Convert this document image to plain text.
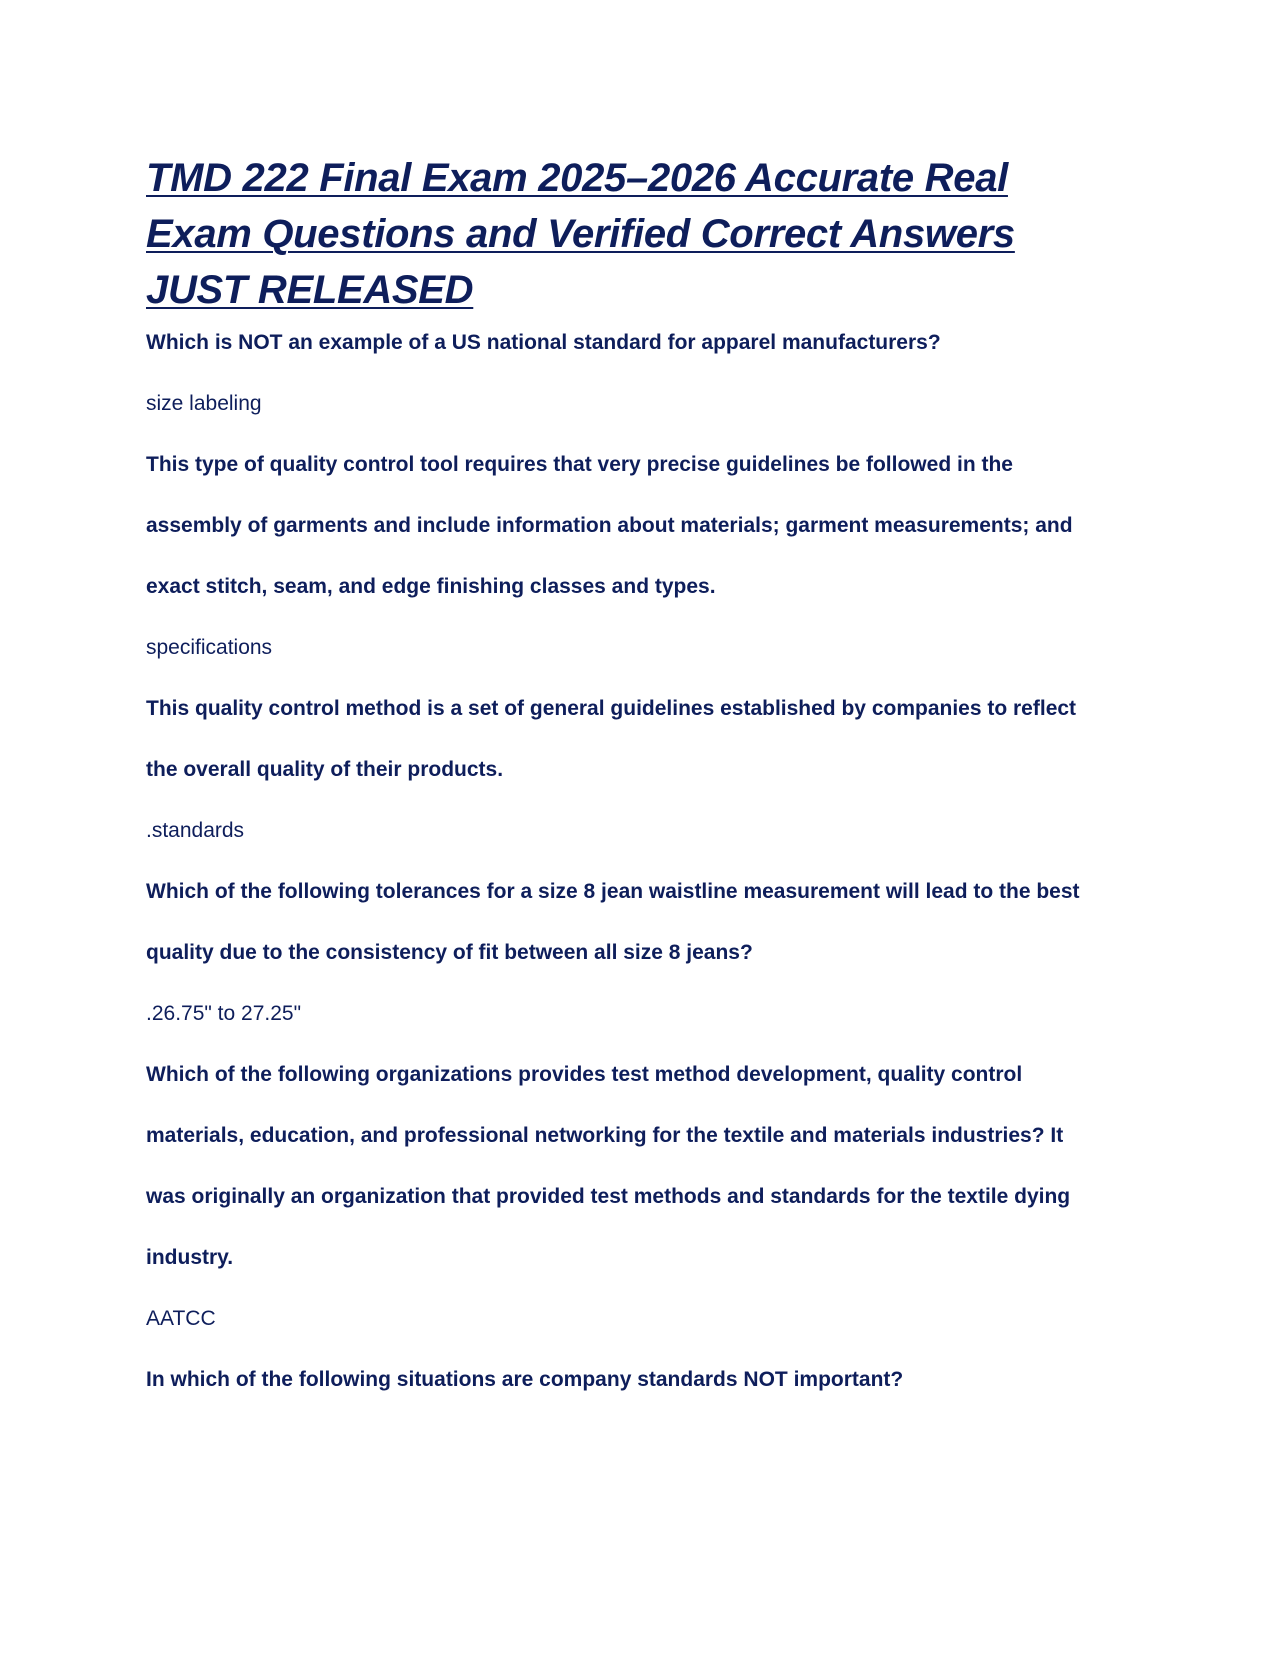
TMD 222 Final Exam 2025–2026 Accurate Real Exam Questions and Verified Correct Answers JUST RELEASED

Which is NOT an example of a US national standard for apparel manufacturers?

size labeling

This type of quality control tool requires that very precise guidelines be followed in the assembly of garments and include information about materials; garment measurements; and exact stitch, seam, and edge finishing classes and types.

specifications

This quality control method is a set of general guidelines established by companies to reflect the overall quality of their products.

.standards

Which of the following tolerances for a size 8 jean waistline measurement will lead to the best quality due to the consistency of fit between all size 8 jeans?

.26.75" to 27.25"

Which of the following organizations provides test method development, quality control materials, education, and professional networking for the textile and materials industries? It was originally an organization that provided test methods and standards for the textile dying industry.

AATCC

In which of the following situations are company standards NOT important?
